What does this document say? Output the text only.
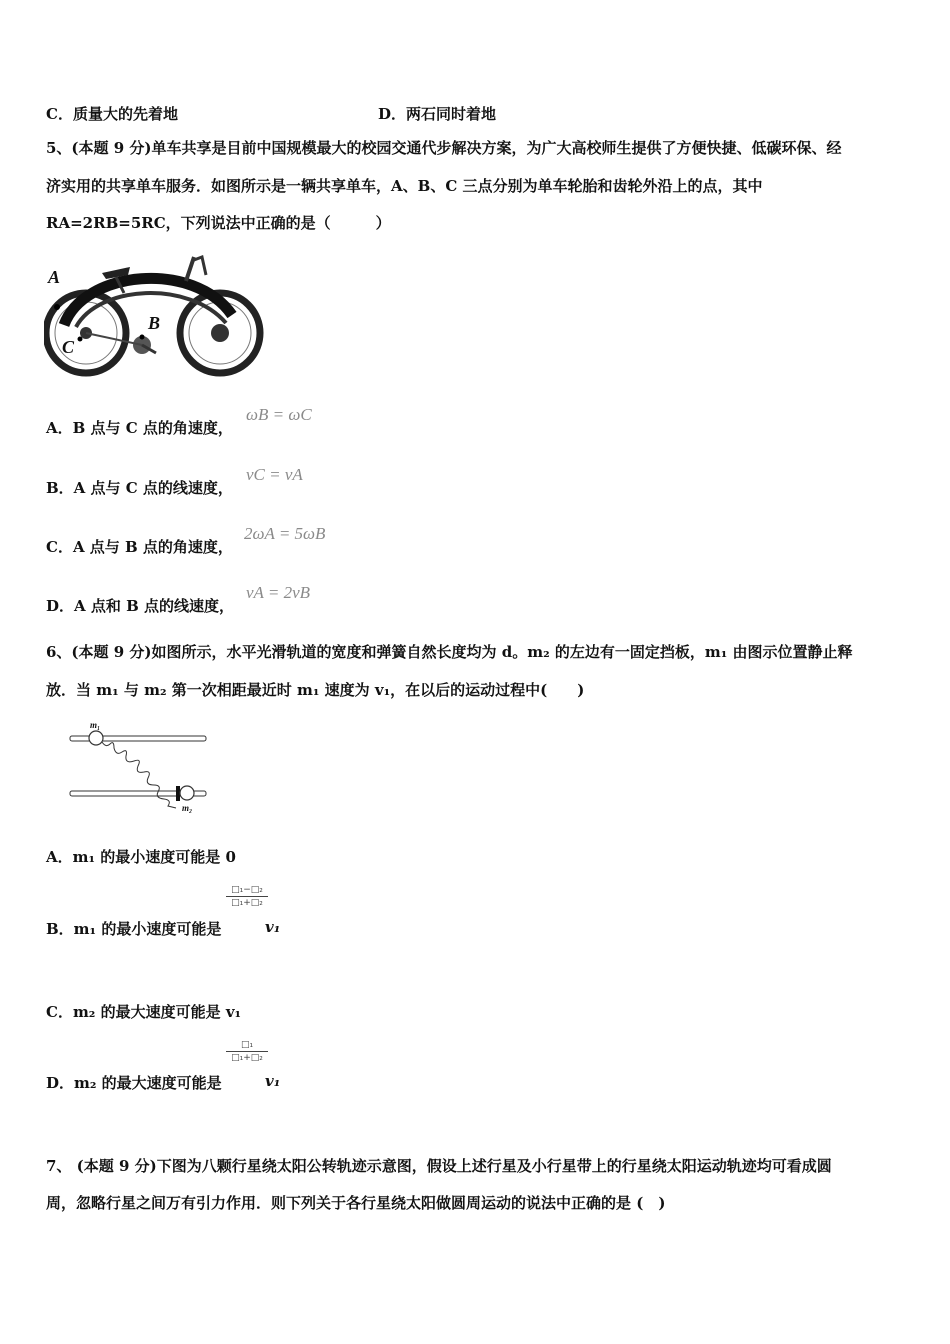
C．质量大的先着地	D．两石同时着地
5、(本题 9 分)单车共享是目前中国规模最大的校园交通代步解决方案，为广大高校师生提供了方便快捷、低碳环保、经
济实用的共享单车服务．如图所示是一辆共享单车，A、B、C 三点分别为单车轮胎和齿轮外沿上的点，其中
RA=2RB=5RC，下列说法中正确的是（　　　）
A
B
C
A．B 点与 C 点的角速度，
ωB = ωC
B．A 点与 C 点的线速度，
vC = vA
C．A 点与 B 点的角速度，
2ωA = 5ωB
D．A 点和 B 点的线速度，
vA = 2vB
6、(本题 9 分)如图所示，水平光滑轨道的宽度和弹簧自然长度均为 d。m₂ 的左边有一固定挡板，m₁ 由图示位置静止释
放．当 m₁ 与 m₂ 第一次相距最近时 m₁ 速度为 v₁，在以后的运动过程中(　　)
m₁
m₂
A．m₁ 的最小速度可能是 0
B．m₁ 的最小速度可能是
□₁−□₂
□₁+□₂
v₁
C．m₂ 的最大速度可能是 v₁
D．m₂ 的最大速度可能是
□₁
□₁+□₂
v₁
7、 (本题 9 分)下图为八颗行星绕太阳公转轨迹示意图，假设上述行星及小行星带上的行星绕太阳运动轨迹均可看成圆
周，忽略行星之间万有引力作用．则下列关于各行星绕太阳做圆周运动的说法中正确的是 (　)
